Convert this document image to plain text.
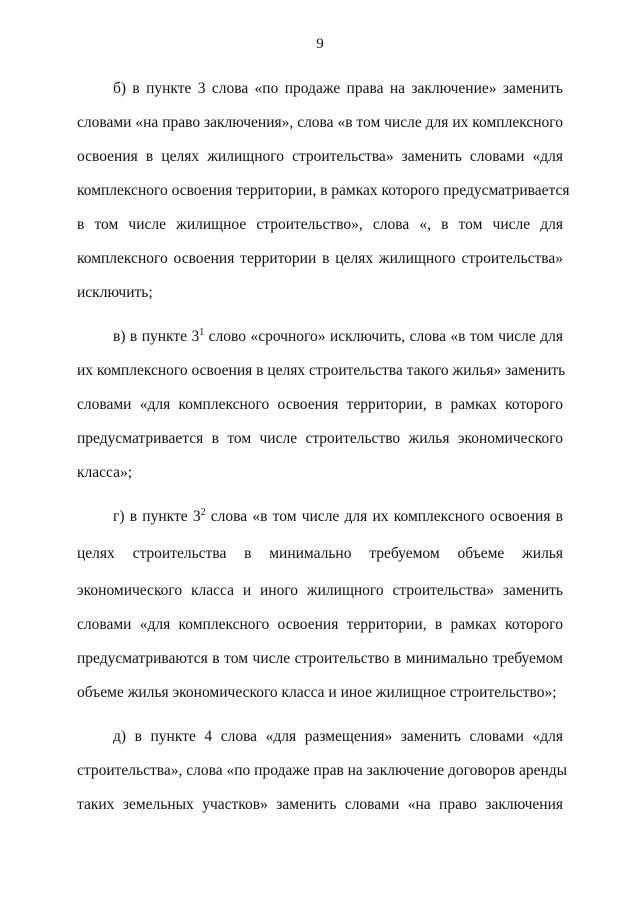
9
б) в пункте 3 слова «по продаже права на заключение» заменить
словами «на право заключения», слова «в том числе для их комплексного
освоения в целях жилищного строительства» заменить словами «для
комплексного освоения территории, в рамках которого предусматривается
в том числе жилищное строительство», слова «, в том числе для
комплексного освоения территории в целях жилищного строительства»
исключить;
в) в пункте $3^1$ слово «срочного» исключить, слова «в том числе для
их комплексного освоения в целях строительства такого жилья» заменить
словами «для комплексного освоения территории, в рамках которого
предусматривается в том числе строительство жилья экономического
класса»;
г) в пункте $3^2$ слова «в том числе для их комплексного освоения в
целях строительства в минимально требуемом объеме жилья
экономического класса и иного жилищного строительства» заменить
словами «для комплексного освоения территории, в рамках которого
предусматриваются в том числе строительство в минимально требуемом
объеме жилья экономического класса и иное жилищное строительство»;
д) в пункте 4 слова «для размещения» заменить словами «для
строительства», слова «по продаже прав на заключение договоров аренды
таких земельных участков» заменить словами «на право заключения
